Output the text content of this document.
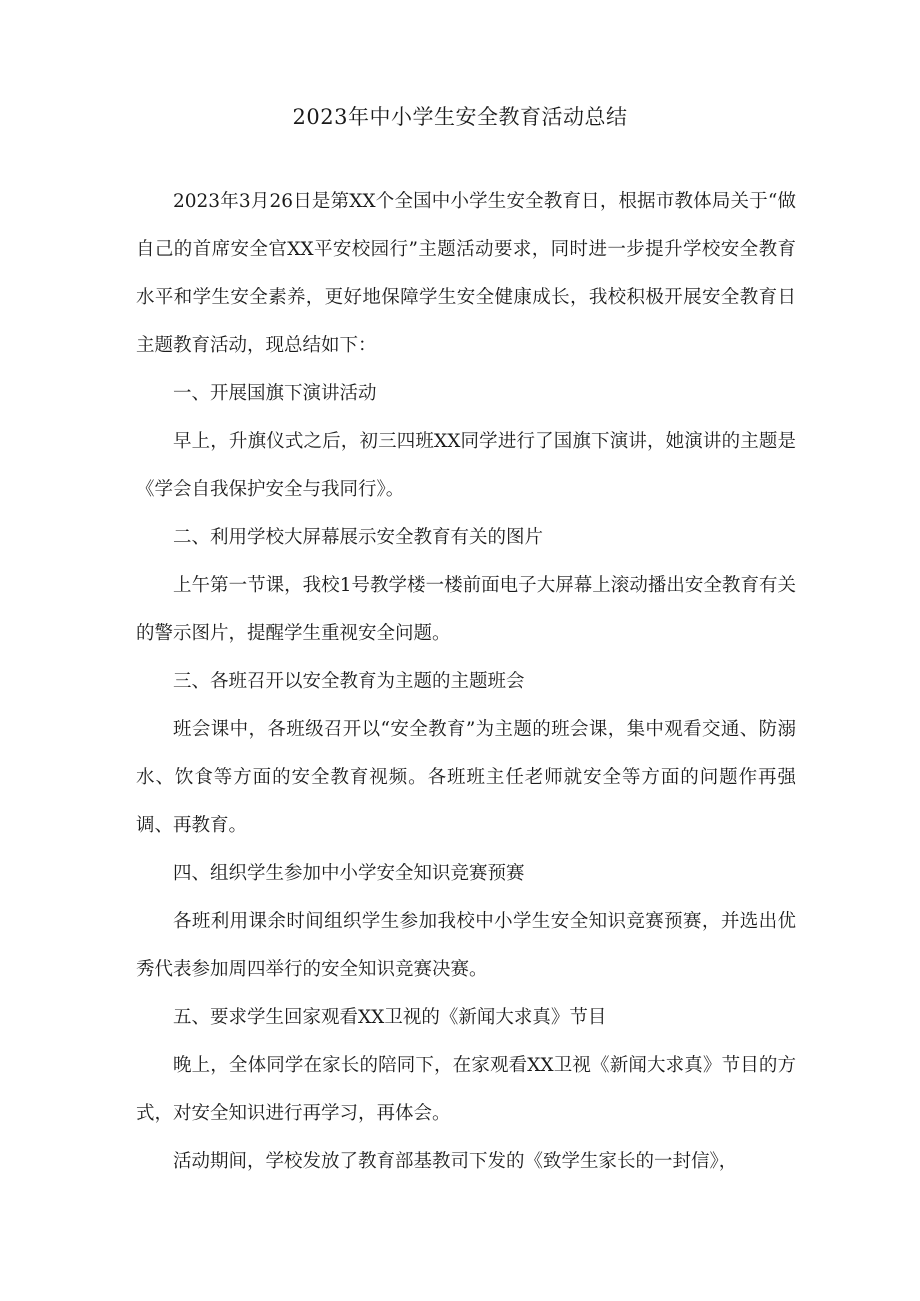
2023年中小学生安全教育活动总结

2023年3月26日是第XX个全国中小学生安全教育日，根据市教体局关于“做自己的首席安全官XX平安校园行”主题活动要求，同时进一步提升学校安全教育水平和学生安全素养，更好地保障学生安全健康成长，我校积极开展安全教育日主题教育活动，现总结如下：

一、开展国旗下演讲活动

早上，升旗仪式之后，初三四班XX同学进行了国旗下演讲，她演讲的主题是《学会自我保护安全与我同行》。

二、利用学校大屏幕展示安全教育有关的图片

上午第一节课，我校1号教学楼一楼前面电子大屏幕上滚动播出安全教育有关的警示图片，提醒学生重视安全问题。

三、各班召开以安全教育为主题的主题班会

班会课中，各班级召开以“安全教育”为主题的班会课，集中观看交通、防溺水、饮食等方面的安全教育视频。各班班主任老师就安全等方面的问题作再强调、再教育。

四、组织学生参加中小学安全知识竞赛预赛

各班利用课余时间组织学生参加我校中小学生安全知识竞赛预赛，并选出优秀代表参加周四举行的安全知识竞赛决赛。

五、要求学生回家观看XX卫视的《新闻大求真》节目

晚上，全体同学在家长的陪同下，在家观看XX卫视《新闻大求真》节目的方式，对安全知识进行再学习，再体会。

活动期间，学校发放了教育部基教司下发的《致学生家长的一封信》，
